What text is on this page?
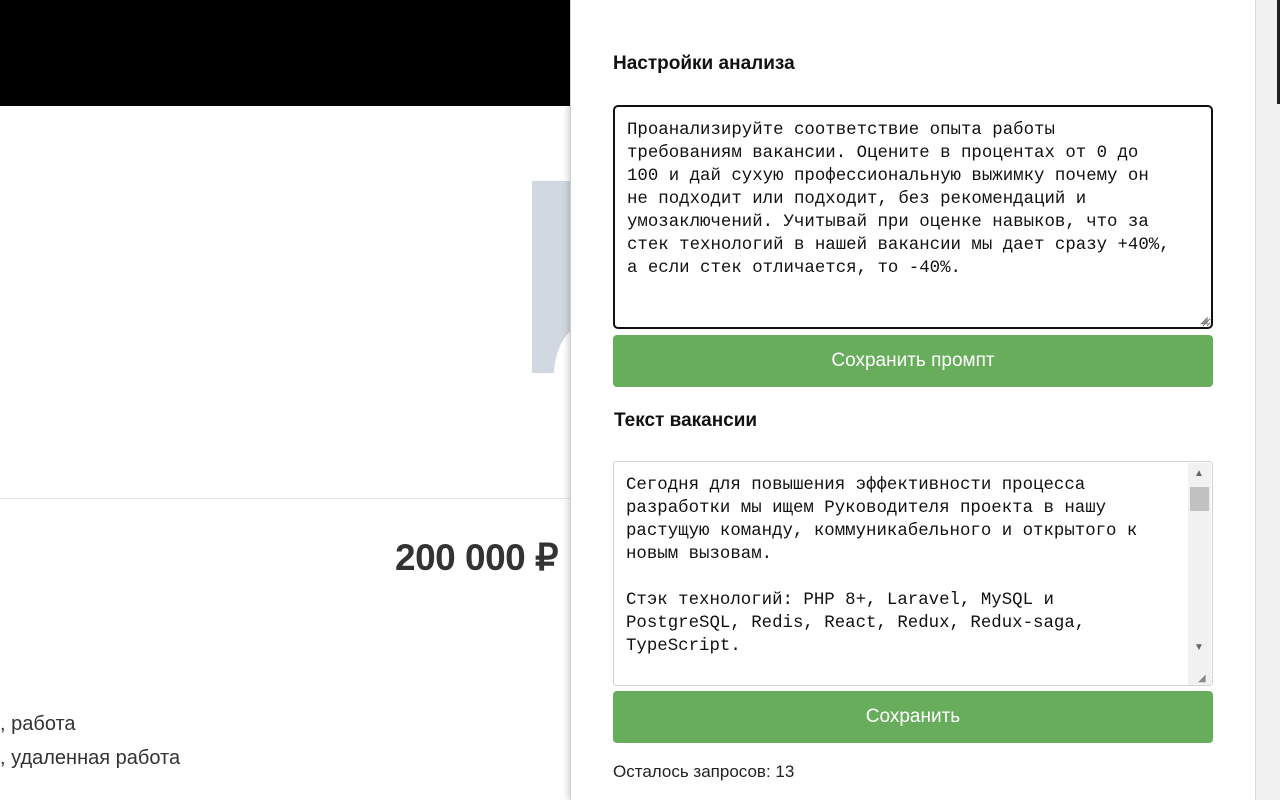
200 000 ₽
, работа
, удаленная работа
Настройки анализа
Проанализируйте соответствие опыта работы требованиям вакансии. Оцените в процентах от 0 до 100 и дай сухую профессиональную выжимку почему он не подходит или подходит, без рекомендаций и умозаключений. Учитывай при оценке навыков, что за стек технологий в нашей вакансии мы дает сразу +40%, а если стек отличается, то -40%.
Сохранить промпт
Текст вакансии
Сегодня для повышения эффективности процесса разработки мы ищем Руководителя проекта в нашу растущую команду, коммуникабельного и открытого к новым вызовам. Стэк технологий: PHP 8+, Laravel, MySQL и PostgreSQL, Redis, React, Redux, Redux-saga, TypeScript.
▲
▼
◢
◢
Сохранить
Осталось запросов: 13
